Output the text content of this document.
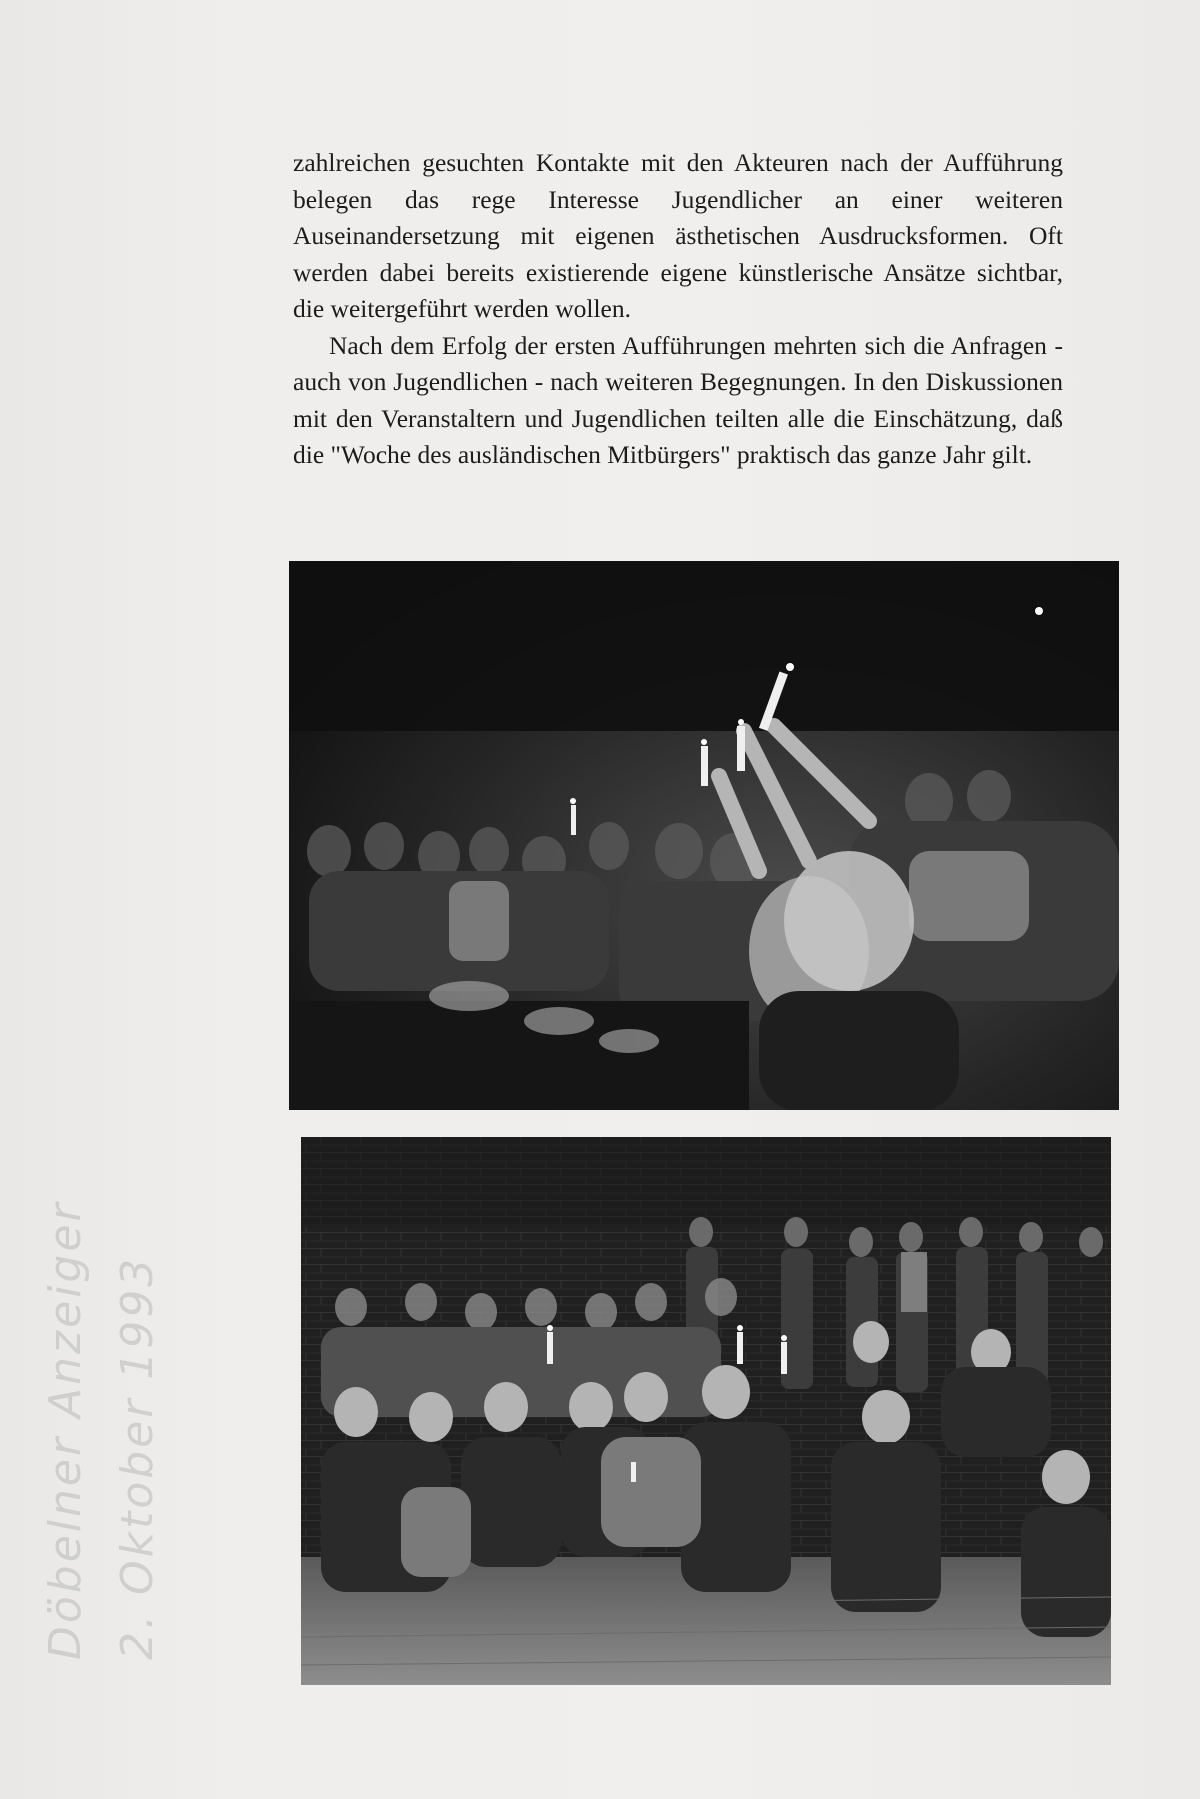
zahlreichen gesuchten Kontakte mit den Akteuren nach der Aufführung belegen das rege Interesse Jugendlicher an einer weiteren Auseinandersetzung mit eigenen ästhetischen Ausdrucksformen. Oft werden dabei bereits existierende eigene künstlerische Ansätze sichtbar, die weitergeführt werden wollen.

Nach dem Erfolg der ersten Aufführungen mehrten sich die Anfragen - auch von Jugendlichen - nach weiteren Begegnungen. In den Diskussionen mit den Veranstaltern und Jugendlichen teilten alle die Einschätzung, daß die "Woche des ausländischen Mitbürgers" praktisch das ganze Jahr gilt.

Döbelner Anzeiger 2. Oktober 1993
